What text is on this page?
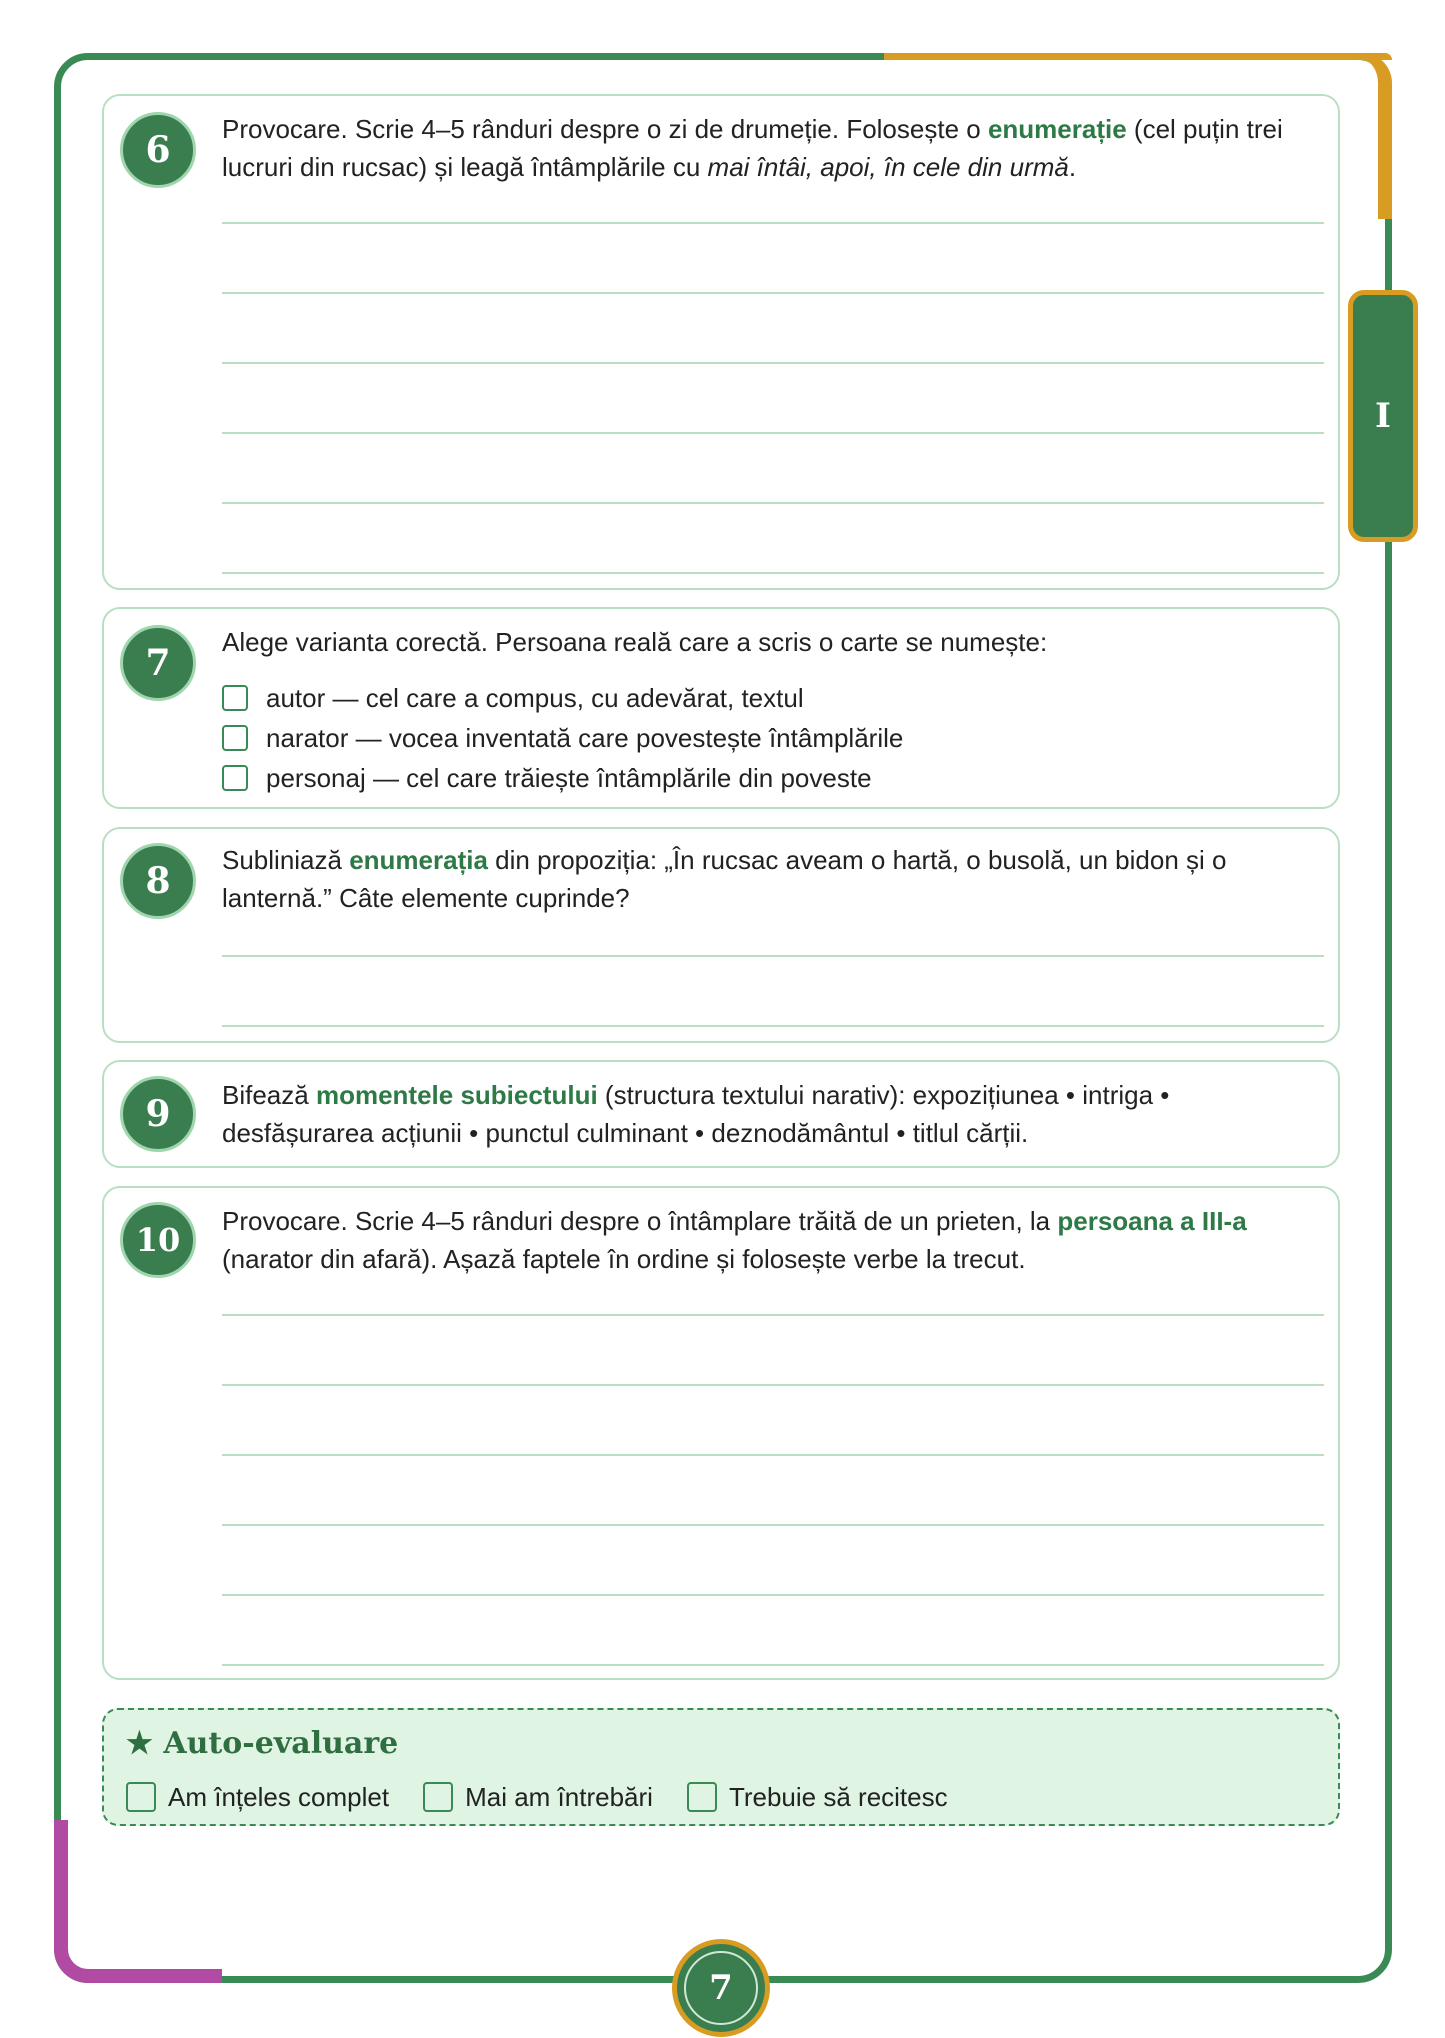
I
6	Provocare. Scrie 4–5 rânduri despre o zi de drumeție. Folosește o enumerație (cel puțin trei lucruri din rucsac) și leagă întâmplările cu mai întâi, apoi, în cele din urmă.
7	Alege varianta corectă. Persoana reală care a scris o carte se numește:
autor — cel care a compus, cu adevărat, textul
narator — vocea inventată care povestește întâmplările
personaj — cel care trăiește întâmplările din poveste
8	Subliniază enumerația din propoziția: „În rucsac aveam o hartă, o busolă, un bidon și o lanternă.” Câte elemente cuprinde?
9	Bifează momentele subiectului (structura textului narativ): expozițiunea • intriga • desfășurarea acțiunii • punctul culminant • deznodământul • titlul cărții.
10	Provocare. Scrie 4–5 rânduri despre o întâmplare trăită de un prieten, la persoana a III-a (narator din afară). Așază faptele în ordine și folosește verbe la trecut.
★ Auto-evaluare
Am înțeles complet	Mai am întrebări	Trebuie să recitesc
7
